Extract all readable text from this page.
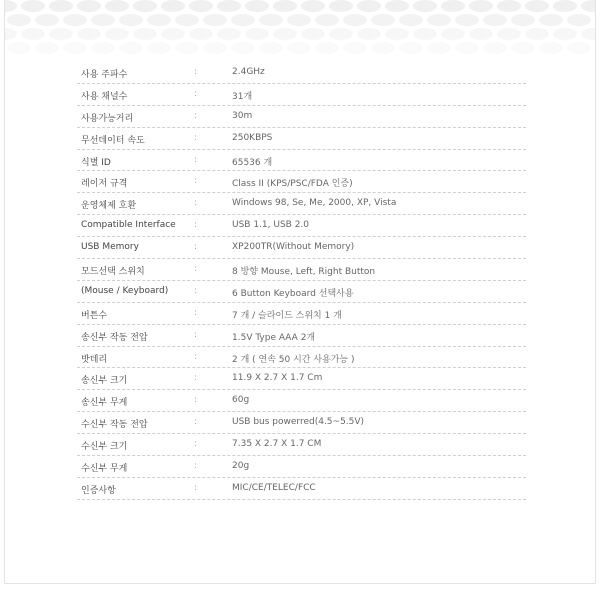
사용 주파수	:	2.4GHz
사용 채널수	:	31개
사용가능거리	:	30m
무선데이터 속도	:	250KBPS
식별 ID	:	65536 개
레이저 규격	:	Class II (KPS/PSC/FDA 인증)
운영체제 호환	:	Windows 98, Se, Me, 2000, XP, Vista
Compatible Interface :	USB 1.1, USB 2.0
USB Memory	:	XP200TR(Without Memory)
모드선택 스위치	:	8 방향 Mouse, Left, Right Button
(Mouse / Keyboard)	:	6 Button Keyboard 선택사용
버튼수	:	7 개 / 슬라이드 스위치 1 개
송신부 작동 전압	:	1.5V Type AAA 2개
밧데리	:	2 개 ( 연속 50 시간 사용가능 )
송신부 크기	:	11.9 X 2.7 X 1.7 Cm
송신부 무게	:	60g
수신부 작동 전압	:	USB bus powerred(4.5~5.5V)
수신부 크기	:	7.35 X 2.7 X 1.7 CM
수신부 무게	:	20g
인증사항	:	MIC/CE/TELEC/FCC
